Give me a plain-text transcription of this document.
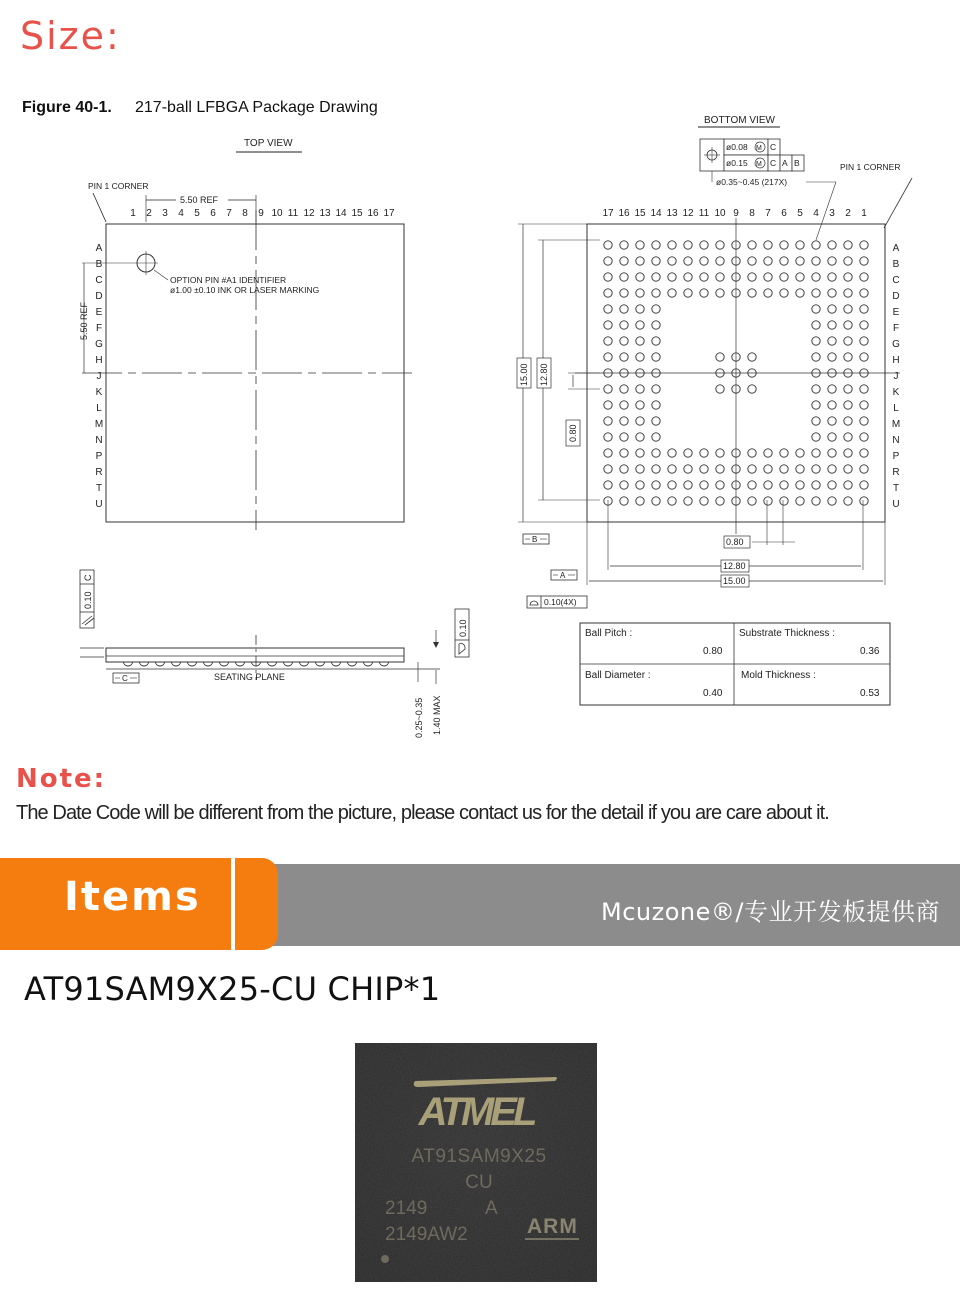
Size:
Figure 40-1. 217-ball LFBGA Package Drawing
TOP VIEW
PIN 1 CORNER
5.50 REF
1 2 3 4 5 6 7 8 9 10 11 12 13 14 15 16 17
A
B
C
D
E
F
G
H
J
K
L
M
N
P
R
T
U
OPTION PIN #A1 IDENTIFIER
ø1.00 ±0.10 INK OR LASER MARKING
5.50 REF
C
0.10
C	SEATING PLANE
0.10
0.25~0.35 1.40 MAX
BOTTOM VIEW
ø0.08
ø0.15
M
M
C
C A B
ø0.35~0.45 (217X)
PIN 1 CORNER
17 16 15 14 13 12 11 10 9 8 7 6 5 4 3 2 1
A
B
C
D
E
F
G
H
J
K
L
M
N
P
R
T
U
15.00 12.80
0.80
B
A
0.10(4X)
0.80
12.80
15.00
Ball Pitch :
0.80
Substrate Thickness :
0.36
Ball Diameter :
0.40
Mold Thickness :
0.53
Note:
The Date Code will be different from the picture, please contact us for the detail if you are care about it.
Items	Mcuzone®/专业开发板提供商
AT91SAM9X25-CU CHIP*1
ATMEL
AT91SAM9X25
CU
2149	A
2149AW2	ARM
